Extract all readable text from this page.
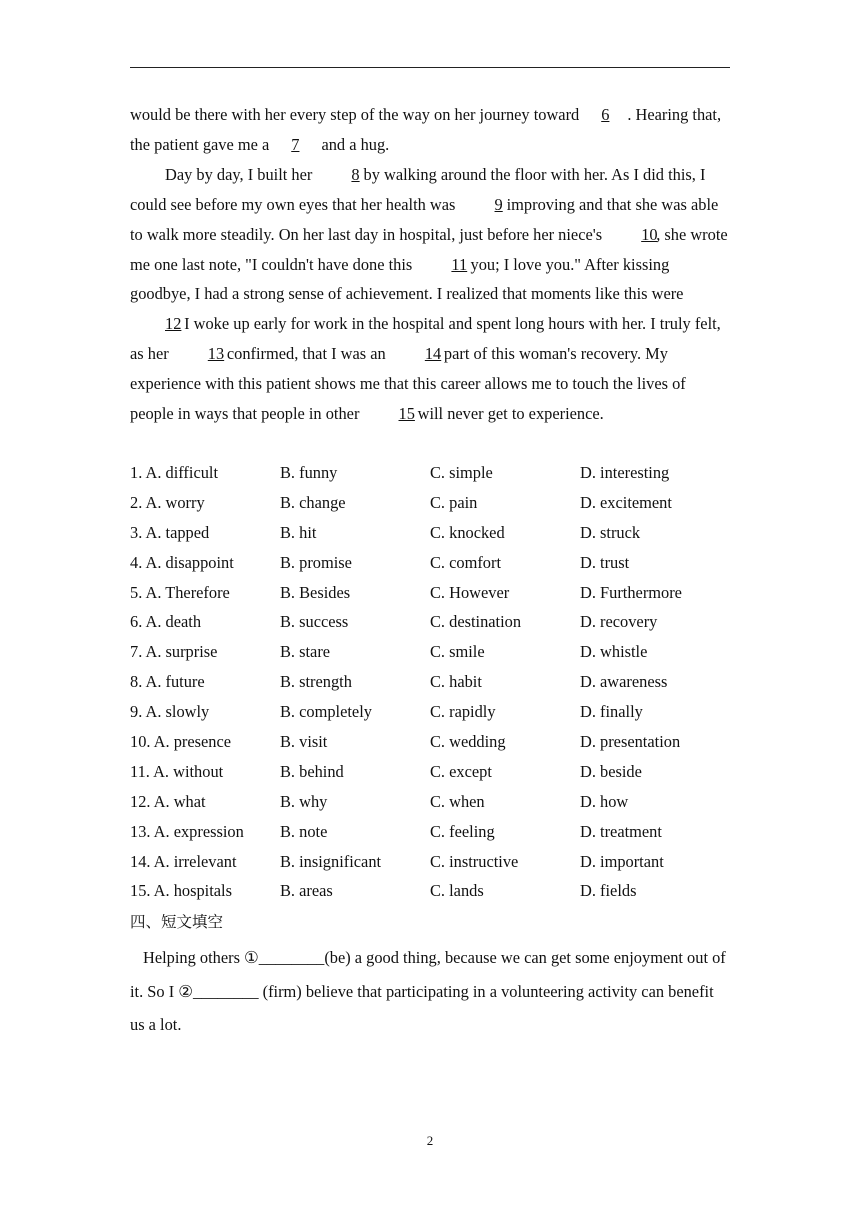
would be there with her every step of the way on her journey toward 6 . Hearing that, the patient gave me a 7 and a hug.
Day by day, I built her 8 by walking around the floor with her. As I did this, I could see before my own eyes that her health was 9 improving and that she was able to walk more steadily. On her last day in hospital, just before her niece's 10, she wrote me one last note, "I couldn't have done this 11 you; I love you." After kissing goodbye, I had a strong sense of achievement. I realized that moments like this were 12 I woke up early for work in the hospital and spent long hours with her. I truly felt, as her 13 confirmed, that I was an 14 part of this woman's recovery. My experience with this patient shows me that this career allows me to touch the lives of people in ways that people in other 15 will never get to experience.
1. A. difficult	B. funny	C. simple	D. interesting
2. A. worry	B. change	C. pain	D. excitement
3. A. tapped	B. hit	C. knocked	D. struck
4. A. disappoint	B. promise	C. comfort	D. trust
5. A. Therefore	B. Besides	C. However	D. Furthermore
6. A. death	B. success	C. destination	D. recovery
7. A. surprise	B. stare	C. smile	D. whistle
8. A. future	B. strength	C. habit	D. awareness
9. A. slowly	B. completely	C. rapidly	D. finally
10. A. presence	B. visit	C. wedding	D. presentation
11. A. without	B. behind	C. except	D. beside
12. A. what	B. why	C. when	D. how
13. A. expression B. note	C. feeling	D. treatment
14. A. irrelevant	B. insignificant	C. instructive	D. important
15. A. hospitals	B. areas	C. lands	D. fields
四、短文填空
Helping others ①________(be) a good thing, because we can get some enjoyment out of it. So I ②________ (firm) believe that participating in a volunteering activity can benefit us a lot.
2
